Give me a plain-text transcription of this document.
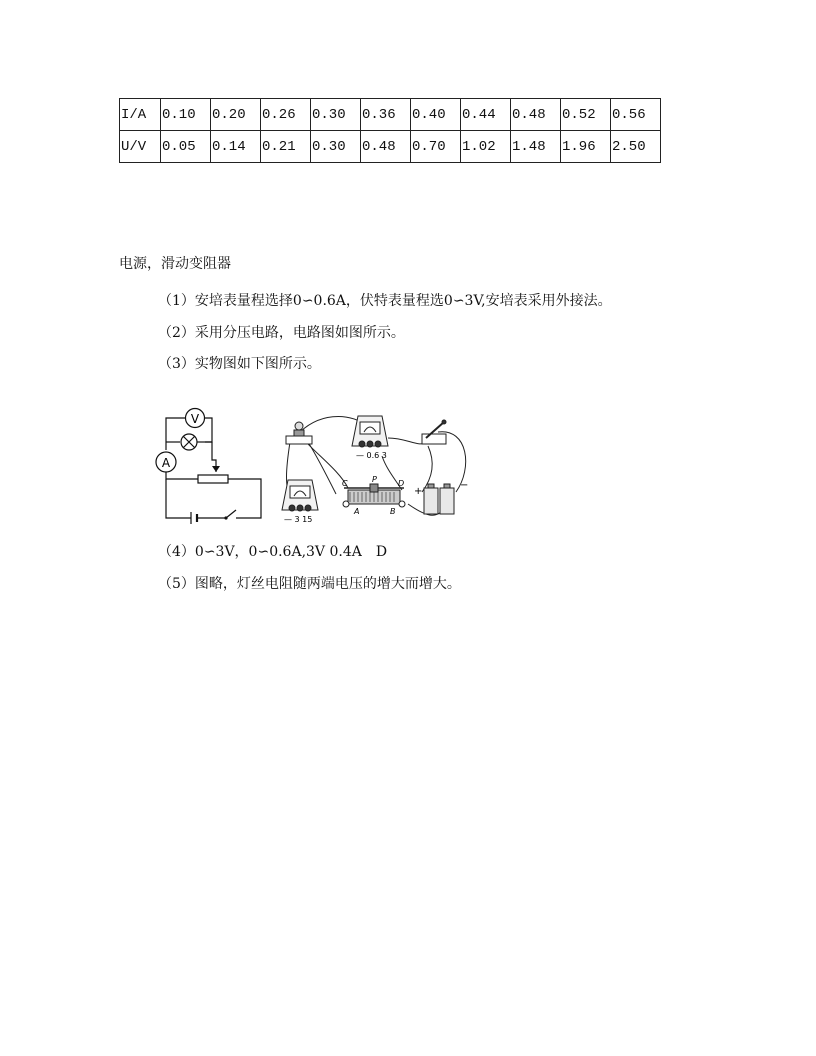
I/A	0.10	0.20	0.26	0.30	0.36	0.40	0.44	0.48	0.52	0.56
U/V	0.05	0.14	0.21	0.30	0.48	0.70	1.02	1.48	1.96	2.50
电源，滑动变阻器
（1）安培表量程选择0∽0.6A，伏特表量程选0∽3V,安培表采用外接法。
（2）采用分压电路，电路图如图所示。
（3）实物图如下图所示。
V
A
— 0.6 3
— 3 15
C	P	D
A	B
+
−
（4）0∽3V，0∽0.6A,3V 0.4A　D
（5）图略，灯丝电阻随两端电压的增大而增大。
